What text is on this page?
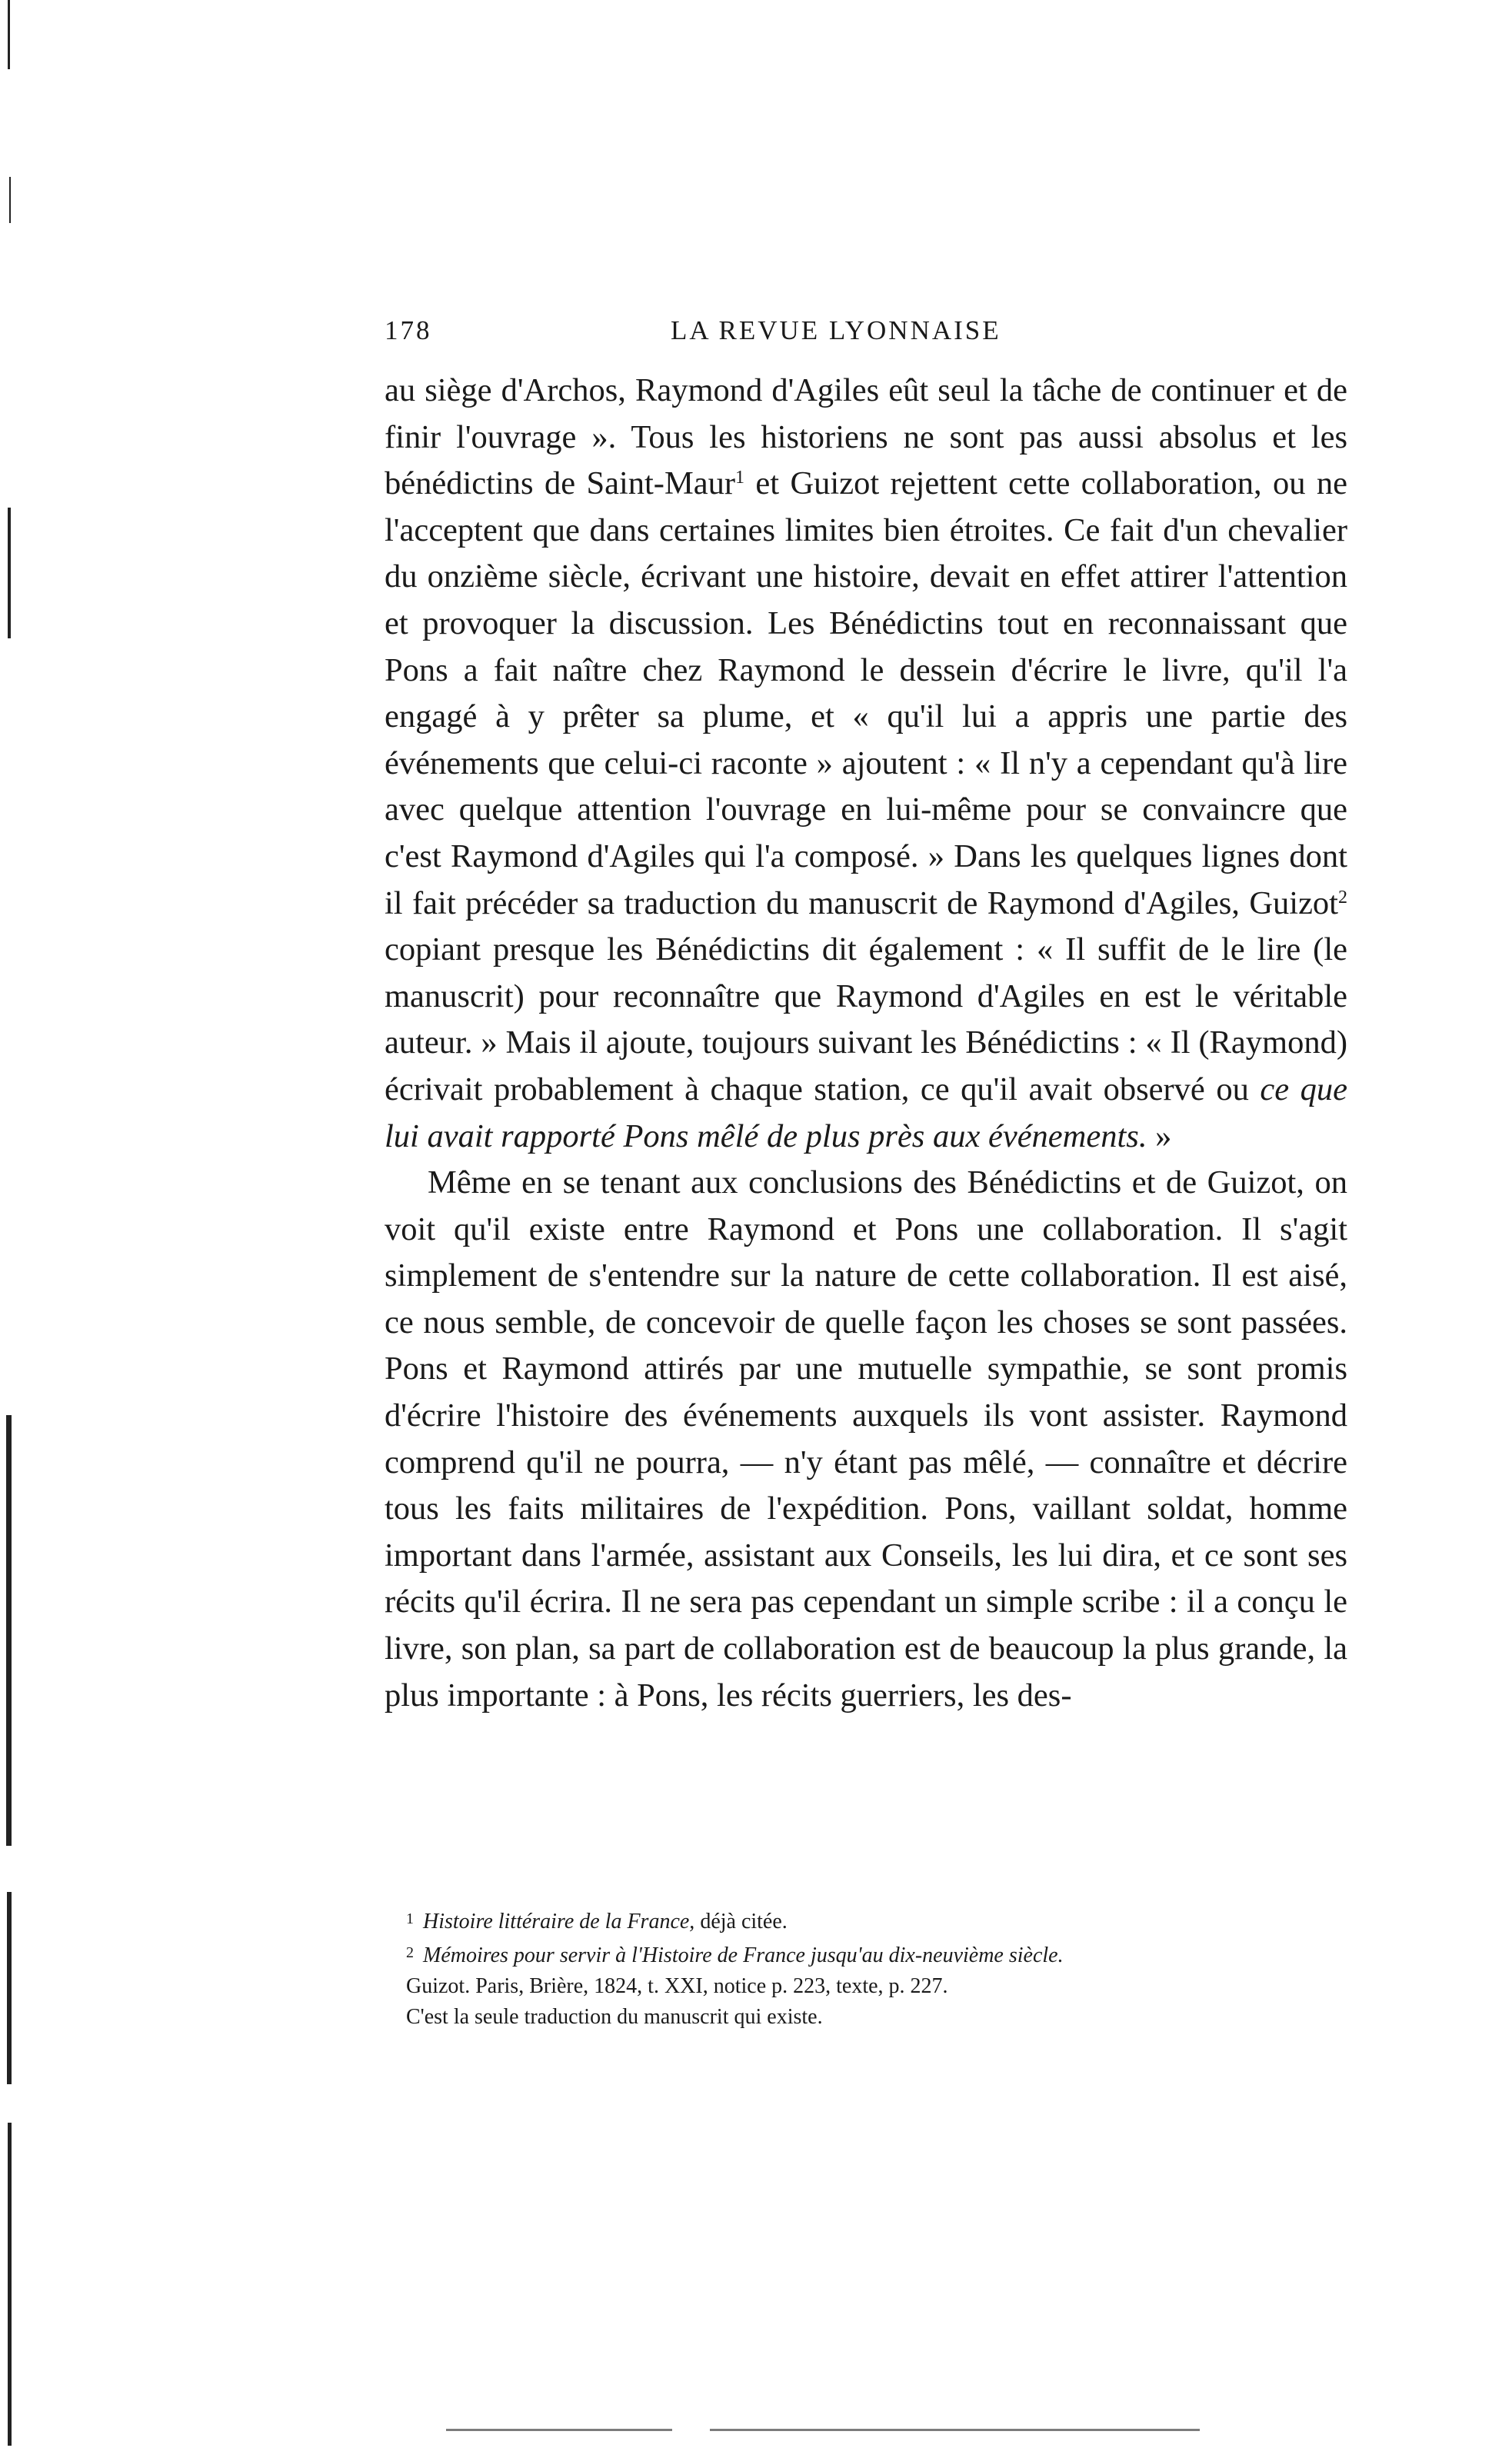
178	LA REVUE LYONNAISE

au siège d'Archos, Raymond d'Agiles eût seul la tâche de continuer et de finir l'ouvrage ». Tous les historiens ne sont pas aussi absolus et les bénédictins de Saint-Maur$^1$ et Guizot rejettent cette collaboration, ou ne l'acceptent que dans certaines limites bien étroites. Ce fait d'un chevalier du onzième siècle, écrivant une histoire, devait en effet attirer l'attention et provoquer la discussion. Les Bénédictins tout en reconnaissant que Pons a fait naître chez Raymond le dessein d'écrire le livre, qu'il l'a engagé à y prêter sa plume, et « qu'il lui a appris une partie des événements que celui-ci raconte » ajoutent : « Il n'y a cependant qu'à lire avec quelque attention l'ouvrage en lui-même pour se convaincre que c'est Raymond d'Agiles qui l'a composé. » Dans les quelques lignes dont il fait précéder sa traduction du manuscrit de Raymond d'Agiles, Guizot$^2$ copiant presque les Bénédictins dit également : « Il suffit de le lire (le manuscrit) pour reconnaître que Raymond d'Agiles en est le véritable auteur. » Mais il ajoute, toujours suivant les Bénédictins : « Il (Raymond) écrivait probablement à chaque station, ce qu'il avait observé ou ce que lui avait rapporté Pons mêlé de plus près aux événements. »

Même en se tenant aux conclusions des Bénédictins et de Guizot, on voit qu'il existe entre Raymond et Pons une collaboration. Il s'agit simplement de s'entendre sur la nature de cette collaboration. Il est aisé, ce nous semble, de concevoir de quelle façon les choses se sont passées. Pons et Raymond attirés par une mutuelle sympathie, se sont promis d'écrire l'histoire des événements auxquels ils vont assister. Raymond comprend qu'il ne pourra, — n'y étant pas mêlé, — connaître et décrire tous les faits militaires de l'expédition. Pons, vaillant soldat, homme important dans l'armée, assistant aux Conseils, les lui dira, et ce sont ses récits qu'il écrira. Il ne sera pas cependant un simple scribe : il a conçu le livre, son plan, sa part de collaboration est de beaucoup la plus grande, la plus importante : à Pons, les récits guerriers, les des-

1 Histoire littéraire de la France, déjà citée.
2 Mémoires pour servir à l'Histoire de France jusqu'au dix-neuvième siècle.
Guizot. Paris, Brière, 1824, t. XXI, notice p. 223, texte, p. 227.
C'est la seule traduction du manuscrit qui existe.
